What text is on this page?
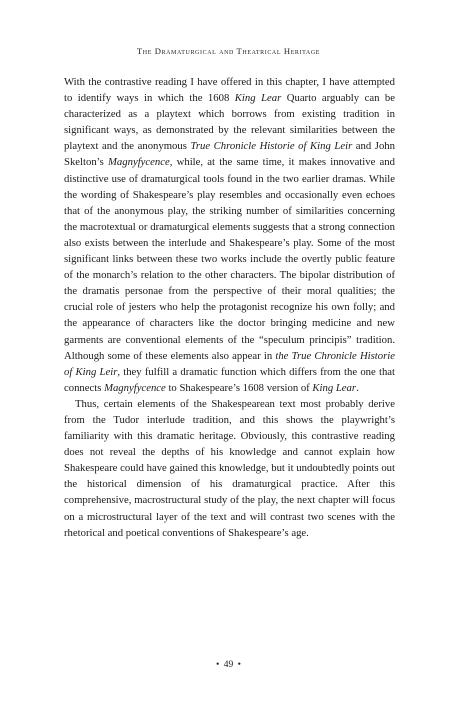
The Dramaturgical and Theatrical Heritage

With the contrastive reading I have offered in this chapter, I have attempted to identify ways in which the 1608 King Lear Quarto arguably can be characterized as a playtext which borrows from existing tradition in significant ways, as demonstrated by the relevant similarities between the playtext and the anonymous True Chronicle Historie of King Leir and John Skelton’s Magnyfycence, while, at the same time, it makes innovative and distinctive use of dramaturgical tools found in the two earlier dramas. While the wording of Shakespeare’s play resembles and occasionally even echoes that of the anonymous play, the striking number of similarities concerning the macrotextual or dramaturgical elements suggests that a strong connection also exists between the interlude and Shakespeare’s play. Some of the most significant links between these two works include the overtly public feature of the monarch’s relation to the other characters. The bipolar distribution of the dramatis personae from the perspective of their moral qualities; the crucial role of jesters who help the protagonist recognize his own folly; and the appearance of characters like the doctor bringing medicine and new garments are conventional elements of the “speculum principis” tradition. Although some of these elements also appear in the True Chronicle Historie of King Leir, they fulfill a dramatic function which differs from the one that connects Magnyfycence to Shakespeare’s 1608 version of King Lear.

Thus, certain elements of the Shakespearean text most probably derive from the Tudor interlude tradition, and this shows the playwright’s familiarity with this dramatic heritage. Obviously, this contrastive reading does not reveal the depths of his knowledge and cannot explain how Shakespeare could have gained this knowledge, but it undoubtedly points out the historical dimension of his dramaturgical practice. After this comprehensive, macrostructural study of the play, the next chapter will focus on a microstructural layer of the text and will contrast two scenes with the rhetorical and poetical conventions of Shakespeare’s age.

• 49 •
